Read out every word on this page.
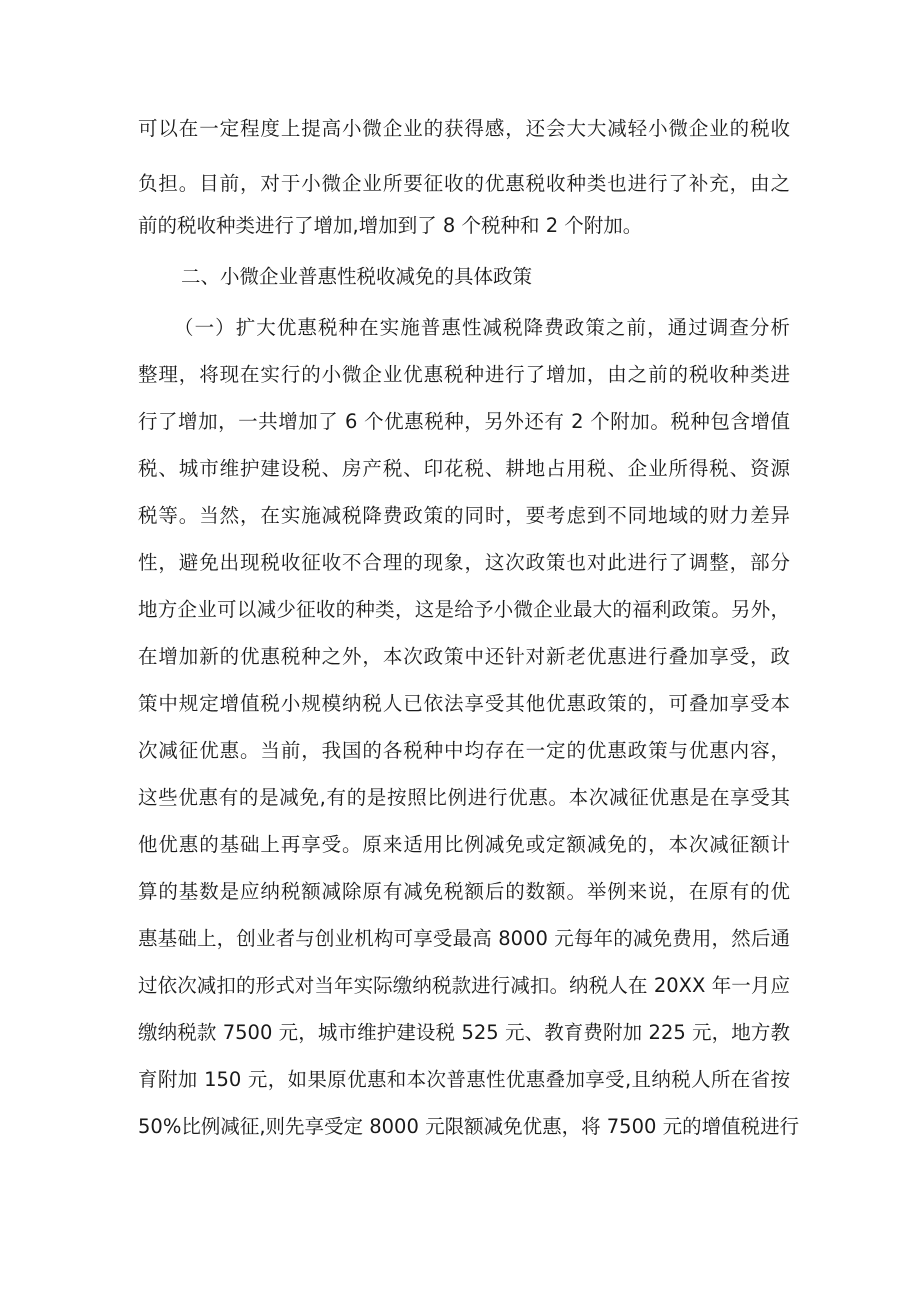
可以在一定程度上提高小微企业的获得感，还会大大减轻小微企业的税收
负担。目前，对于小微企业所要征收的优惠税收种类也进行了补充，由之
前的税收种类进行了增加,增加到了 8 个税种和 2 个附加。
二、小微企业普惠性税收减免的具体政策
（一）扩大优惠税种在实施普惠性减税降费政策之前，通过调查分析
整理，将现在实行的小微企业优惠税种进行了增加，由之前的税收种类进
行了增加，一共增加了 6 个优惠税种，另外还有 2 个附加。税种包含增值
税、城市维护建设税、房产税、印花税、耕地占用税、企业所得税、资源
税等。当然，在实施减税降费政策的同时，要考虑到不同地域的财力差异
性，避免出现税收征收不合理的现象，这次政策也对此进行了调整，部分
地方企业可以减少征收的种类，这是给予小微企业最大的福利政策。另外，
在增加新的优惠税种之外，本次政策中还针对新老优惠进行叠加享受，政
策中规定增值税小规模纳税人已依法享受其他优惠政策的，可叠加享受本
次减征优惠。当前，我国的各税种中均存在一定的优惠政策与优惠内容，
这些优惠有的是减免,有的是按照比例进行优惠。本次减征优惠是在享受其
他优惠的基础上再享受。原来适用比例减免或定额减免的，本次减征额计
算的基数是应纳税额减除原有减免税额后的数额。举例来说，在原有的优
惠基础上，创业者与创业机构可享受最高 8000 元每年的减免费用，然后通
过依次减扣的形式对当年实际缴纳税款进行减扣。纳税人在 20XX 年一月应
缴纳税款 7500 元，城市维护建设税 525 元、教育费附加 225 元，地方教
育附加 150 元，如果原优惠和本次普惠性优惠叠加享受,且纳税人所在省按
50%比例减征,则先享受定 8000 元限额减免优惠，将 7500 元的增值税进行
